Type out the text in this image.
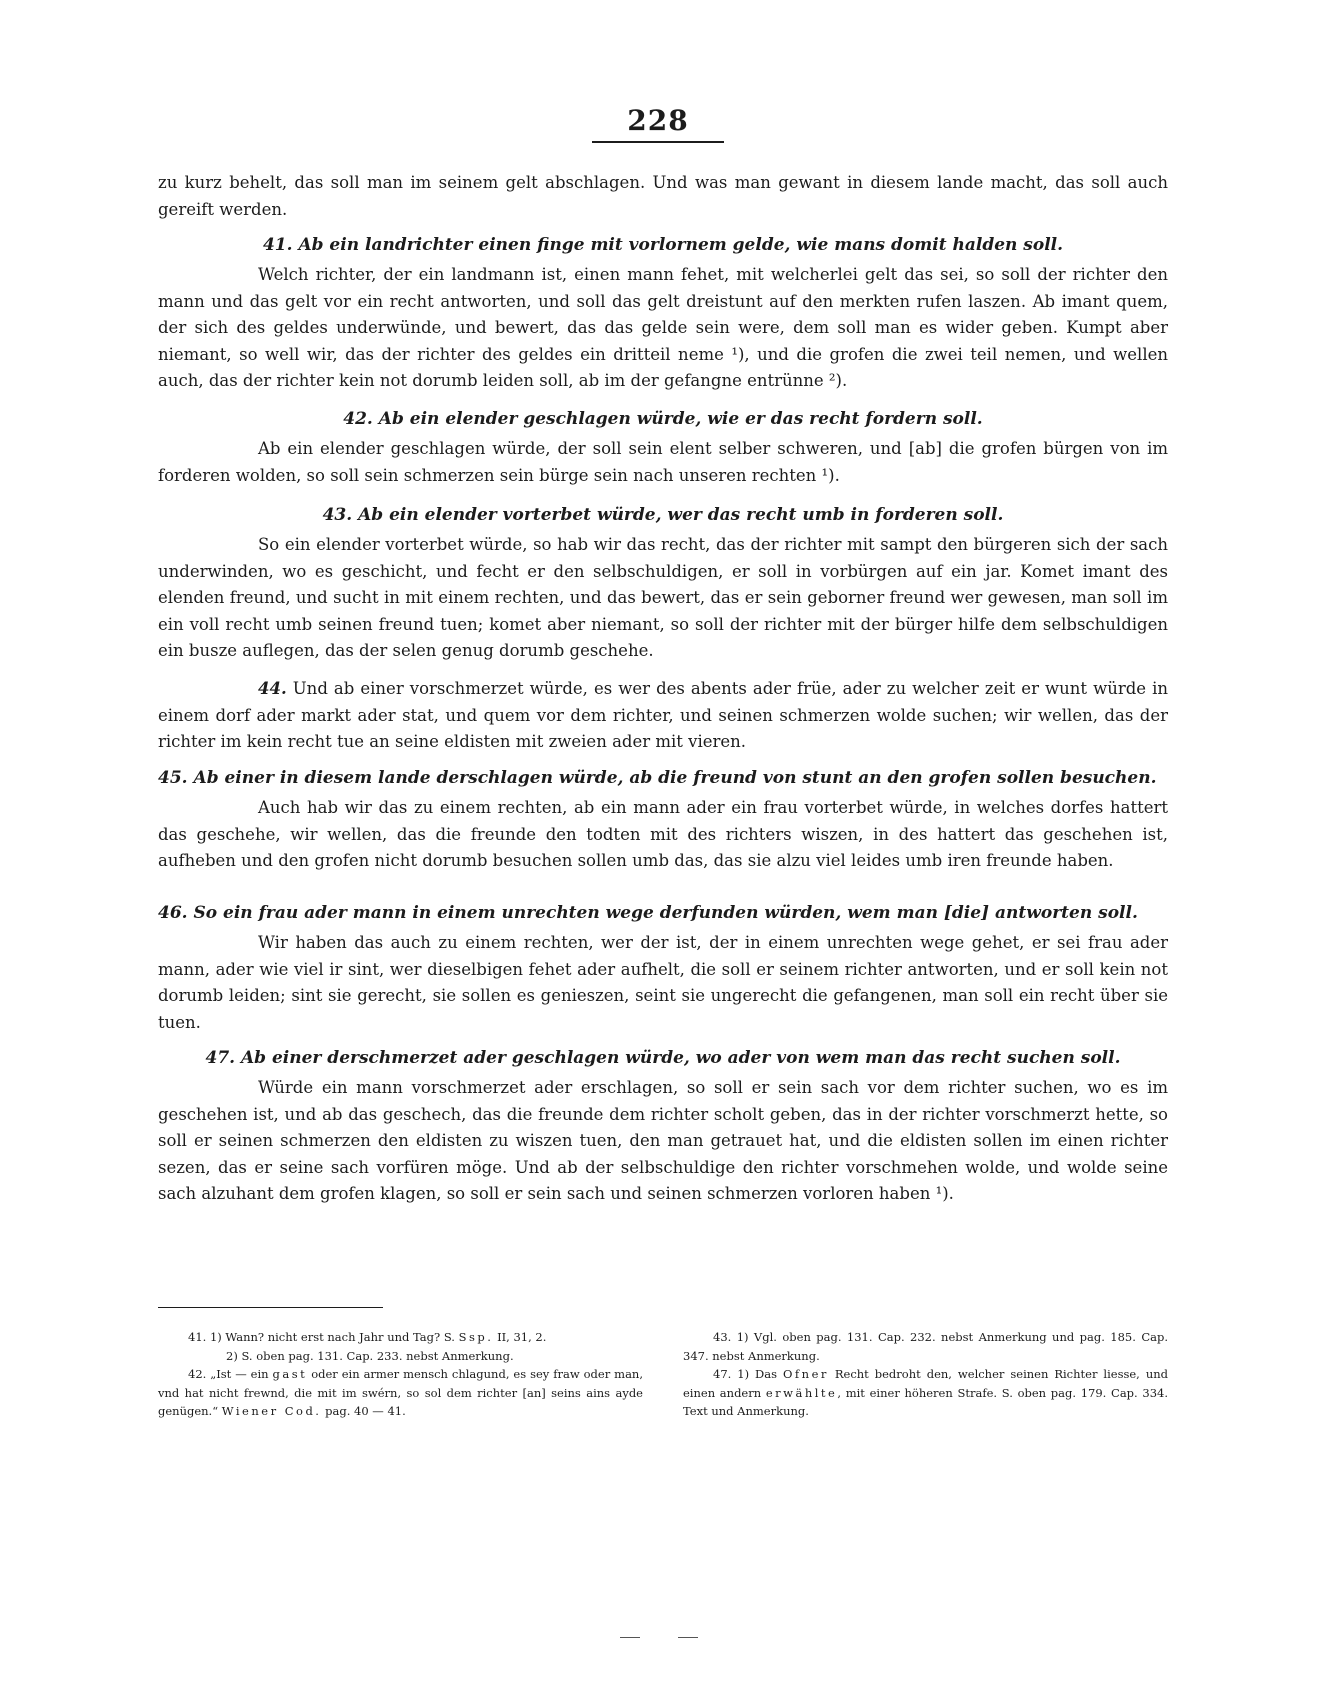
228

zu kurz behelt, das soll man im seinem gelt abschlagen. Und was man gewant in diesem lande macht, das soll auch gereift werden.

41. Ab ein landrichter einen finge mit vorlornem gelde, wie mans domit halden soll.

Welch richter, der ein landmann ist, einen mann fehet, mit welcherlei gelt das sei, so soll der richter den mann und das gelt vor ein recht antworten, und soll das gelt dreistunt auf den merkten rufen laszen. Ab imant quem, der sich des geldes underwünde, und bewert, das das gelde sein were, dem soll man es wider geben. Kumpt aber niemant, so well wir, das der richter des geldes ein dritteil neme ¹), und die grofen die zwei teil nemen, und wellen auch, das der richter kein not dorumb leiden soll, ab im der gefangne entrünne ²).

42. Ab ein elender geschlagen würde, wie er das recht fordern soll.

Ab ein elender geschlagen würde, der soll sein elent selber schweren, und [ab] die grofen bürgen von im forderen wolden, so soll sein schmerzen sein bürge sein nach unseren rechten ¹).

43. Ab ein elender vorterbet würde, wer das recht umb in forderen soll.

So ein elender vorterbet würde, so hab wir das recht, das der richter mit sampt den bürgeren sich der sach underwinden, wo es geschicht, und fecht er den selbschuldigen, er soll in vorbürgen auf ein jar. Komet imant des elenden freund, und sucht in mit einem rechten, und das bewert, das er sein geborner freund wer gewesen, man soll im ein voll recht umb seinen freund tuen; komet aber niemant, so soll der richter mit der bürger hilfe dem selbschuldigen ein busze auflegen, das der selen genug dorumb geschehe.

44. Und ab einer vorschmerzet würde, es wer des abents ader früe, ader zu welcher zeit er wunt würde in einem dorf ader markt ader stat, und quem vor dem richter, und seinen schmerzen wolde suchen; wir wellen, das der richter im kein recht tue an seine eldisten mit zweien ader mit vieren.

45. Ab einer in diesem lande derschlagen würde, ab die freund von stunt an den grofen sollen besuchen.

Auch hab wir das zu einem rechten, ab ein mann ader ein frau vorterbet würde, in welches dorfes hattert das geschehe, wir wellen, das die freunde den todten mit des richters wiszen, in des hattert das geschehen ist, aufheben und den grofen nicht dorumb besuchen sollen umb das, das sie alzu viel leides umb iren freunde haben.

46. So ein frau ader mann in einem unrechten wege derfunden würden, wem man [die] antworten soll.

Wir haben das auch zu einem rechten, wer der ist, der in einem unrechten wege gehet, er sei frau ader mann, ader wie viel ir sint, wer dieselbigen fehet ader aufhelt, die soll er seinem richter antworten, und er soll kein not dorumb leiden; sint sie gerecht, sie sollen es genieszen, seint sie ungerecht die gefangenen, man soll ein recht über sie tuen.

47. Ab einer derschmerzet ader geschlagen würde, wo ader von wem man das recht suchen soll.

Würde ein mann vorschmerzet ader erschlagen, so soll er sein sach vor dem richter suchen, wo es im geschehen ist, und ab das geschech, das die freunde dem richter scholt geben, das in der richter vorschmerzt hette, so soll er seinen schmerzen den eldisten zu wiszen tuen, den man getrauet hat, und die eldisten sollen im einen richter sezen, das er seine sach vorfüren möge. Und ab der selbschuldige den richter vorschmehen wolde, und wolde seine sach alzuhant dem grofen klagen, so soll er sein sach und seinen schmerzen vorloren haben ¹).

41. 1) Wann? nicht erst nach Jahr und Tag? S. Ssp. II, 31, 2.

2) S. oben pag. 131. Cap. 233. nebst Anmerkung.

42. „Ist — ein gast oder ein armer mensch chlagund, es sey fraw oder man, vnd hat nicht frewnd, die mit im swérn, so sol dem richter [an] seins ains ayde genügen.“ Wiener Cod. pag. 40 — 41.

43. 1) Vgl. oben pag. 131. Cap. 232. nebst Anmerkung und pag. 185. Cap. 347. nebst Anmerkung.

47. 1) Das Ofner Recht bedroht den, welcher seinen Richter liesse, und einen andern erwählte, mit einer höheren Strafe. S. oben pag. 179. Cap. 334. Text und Anmerkung.
